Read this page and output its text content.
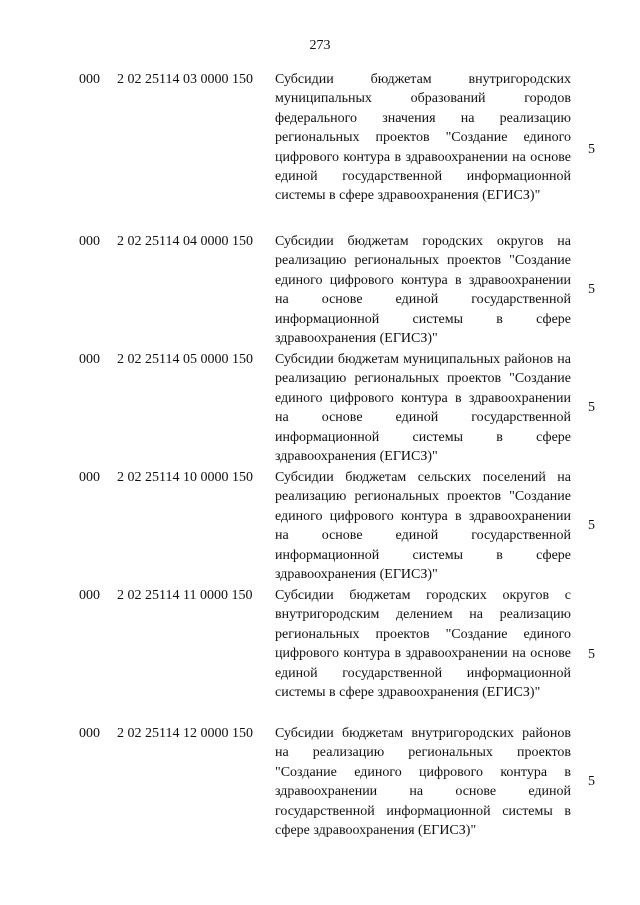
273
000 2 02 25114 03 0000 150 Субсидии бюджетам внутригородских муниципальных образований городов федерального значения на реализацию региональных проектов "Создание единого цифрового контура в здравоохранении на основе единой государственной информационной системы в сфере здравоохранения (ЕГИСЗ)"
5
000 2 02 25114 04 0000 150 Субсидии бюджетам городских округов на реализацию региональных проектов "Создание единого цифрового контура в здравоохранении на основе единой государственной информационной системы в сфере здравоохранения (ЕГИСЗ)"
5
000 2 02 25114 05 0000 150 Субсидии бюджетам муниципальных районов на реализацию региональных проектов "Создание единого цифрового контура в здравоохранении на основе единой государственной информационной системы в сфере здравоохранения (ЕГИСЗ)"
5
000 2 02 25114 10 0000 150 Субсидии бюджетам сельских поселений на реализацию региональных проектов "Создание единого цифрового контура в здравоохранении на основе единой государственной информационной системы в сфере здравоохранения (ЕГИСЗ)"
5
000 2 02 25114 11 0000 150 Субсидии бюджетам городских округов с внутригородским делением на реализацию региональных проектов "Создание единого цифрового контура в здравоохранении на основе единой государственной информационной системы в сфере здравоохранения (ЕГИСЗ)"
5
000 2 02 25114 12 0000 150 Субсидии бюджетам внутригородских районов на реализацию региональных проектов "Создание единого цифрового контура в здравоохранении на основе единой государственной информационной системы в сфере здравоохранения (ЕГИСЗ)"
5
